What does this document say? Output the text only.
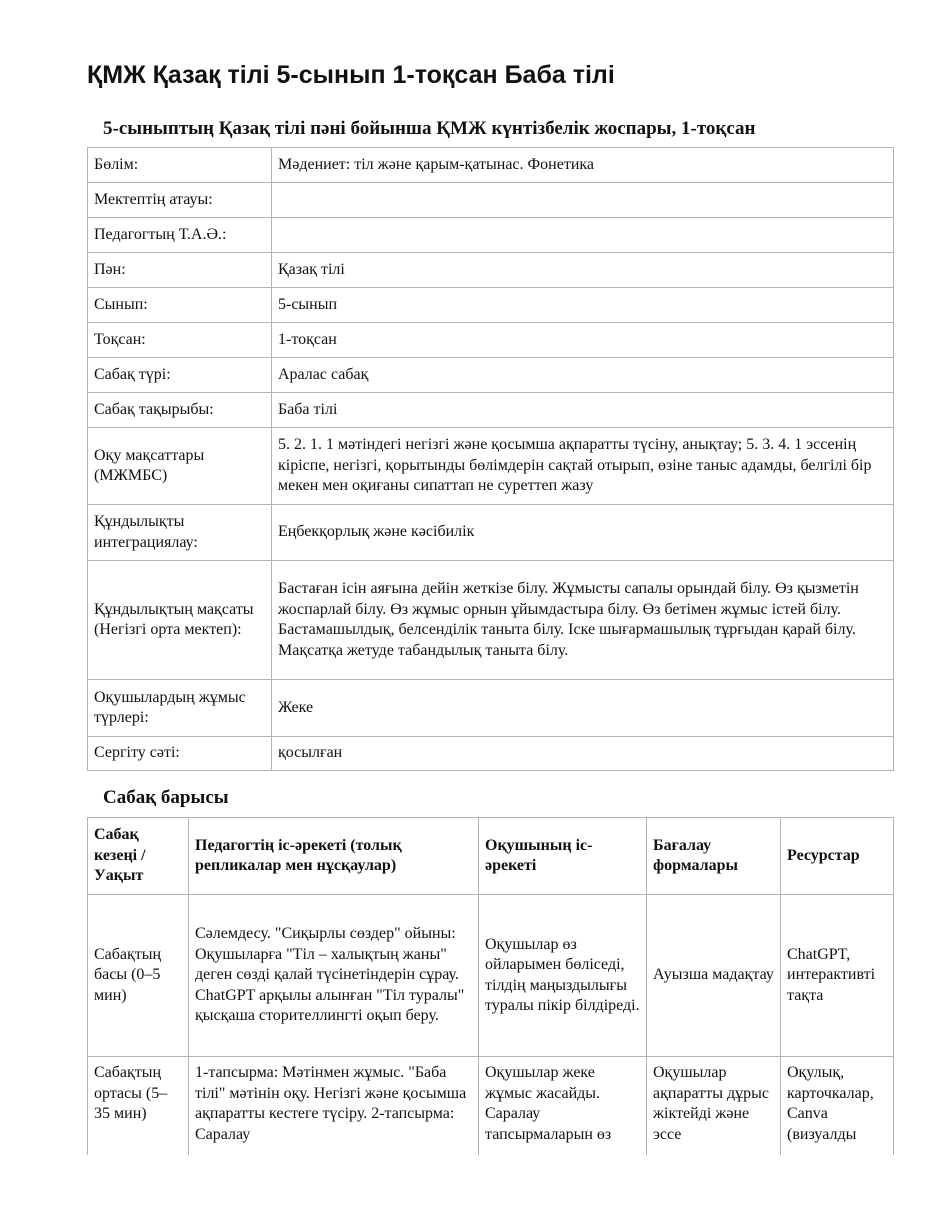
ҚМЖ Қазақ тілі 5-сынып 1-тоқсан Баба тілі
5-сыныптың Қазақ тілі пәні бойынша ҚМЖ күнтізбелік жоспары, 1-тоқсан
Бөлім:	Мәдениет: тіл және қарым-қатынас. Фонетика
Мектептің атауы:	
Педагогтың Т.А.Ә.:	
Пән:	Қазақ тілі
Сынып:	5-сынып
Тоқсан:	1-тоқсан
Сабақ түрі:	Аралас сабақ
Сабақ тақырыбы:	Баба тілі
Оқу мақсаттары (МЖМБС)	5. 2. 1. 1 мәтіндегі негізгі және қосымша ақпаратты түсіну, анықтау; 5. 3. 4. 1 эссенің кіріспе, негізгі, қорытынды бөлімдерін сақтай отырып, өзіне таныс адамды, белгілі бір мекен мен оқиғаны сипаттап не суреттеп жазу
Құндылықты интеграциялау:	Еңбекқорлық және кәсібилік
Құндылықтың мақсаты (Негізгі орта мектеп):	Бастаған ісін аяғына дейін жеткізе білу. Жұмысты сапалы орындай білу. Өз қызметін жоспарлай білу. Өз жұмыс орнын ұйымдастыра білу. Өз бетімен жұмыс істей білу. Бастамашылдық, белсенділік таныта білу. Іске шығармашылық тұрғыдан қарай білу. Мақсатқа жетуде табандылық таныта білу.
Оқушылардың жұмыс түрлері:	Жеке
Сергіту сәті:	қосылған
Сабақ барысы
Сабақ кезеңі / Уақыт	Педагогтің іс-әрекеті (толық репликалар мен нұсқаулар)	Оқушының іс-әрекеті	Бағалау формалары	Ресурстар
Сабақтың басы (0–5 мин)	Сәлемдесу. "Сиқырлы сөздер" ойыны: Оқушыларға "Тіл – халықтың жаны" деген сөзді қалай түсінетіндерін сұрау. ChatGPT арқылы алынған "Тіл туралы" қысқаша сторителлингті оқып беру.	Оқушылар өз ойларымен бөліседі, тілдің маңыздылығы туралы пікір білдіреді.	Ауызша мадақтау	ChatGPT, интерактивті тақта
Сабақтың ортасы (5–35 мин)	1-тапсырма: Мәтінмен жұмыс. "Баба тілі" мәтінін оқу. Негізгі және қосымша ақпаратты кестеге түсіру. 2-тапсырма: Саралау	Оқушылар жеке жұмыс жасайды. Саралау тапсырмаларын өз	Оқушылар ақпаратты дұрыс жіктейді және эссе	Оқулық, карточкалар, Canva (визуалды
